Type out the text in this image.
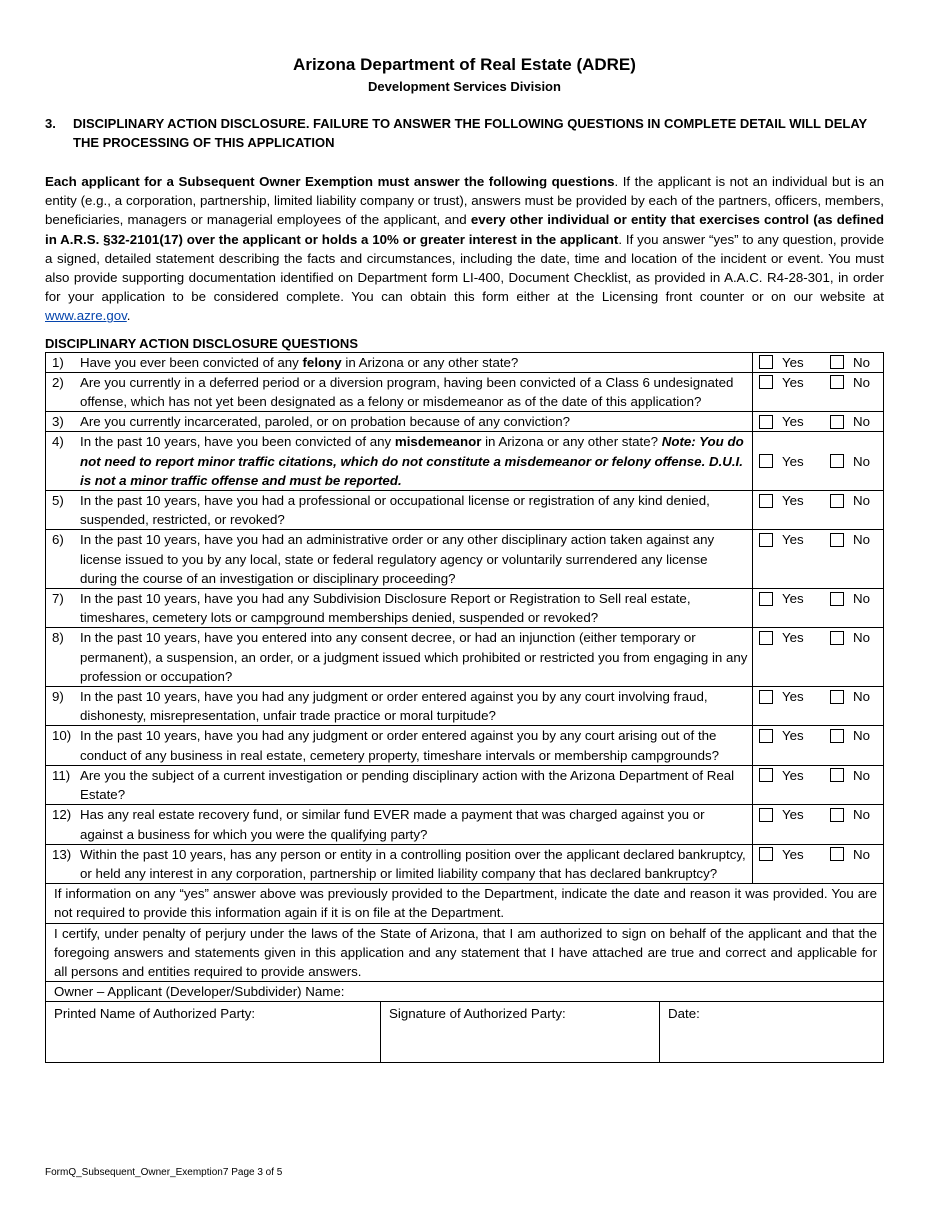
Arizona Department of Real Estate (ADRE)
Development Services Division
3.	DISCIPLINARY ACTION DISCLOSURE. FAILURE TO ANSWER THE FOLLOWING QUESTIONS IN COMPLETE DETAIL WILL DELAY THE PROCESSING OF THIS APPLICATION
Each applicant for a Subsequent Owner Exemption must answer the following questions. If the applicant is not an individual but is an entity (e.g., a corporation, partnership, limited liability company or trust), answers must be provided by each of the partners, officers, members, beneficiaries, managers or managerial employees of the applicant, and every other individual or entity that exercises control (as defined in A.R.S. §32-2101(17) over the applicant or holds a 10% or greater interest in the applicant. If you answer “yes” to any question, provide a signed, detailed statement describing the facts and circumstances, including the date, time and location of the incident or event. You must also provide supporting documentation identified on Department form LI-400, Document Checklist, as provided in A.A.C. R4-28-301, in order for your application to be considered complete. You can obtain this form either at the Licensing front counter or on our website at www.azre.gov.
DISCIPLINARY ACTION DISCLOSURE QUESTIONS
1) Have you ever been convicted of any felony in Arizona or any other state?	Yes No

2) Are you currently in a deferred period or a diversion program, having been convicted of a Class 6 undesignated offense, which has not yet been designated as a felony or misdemeanor as of the date of this application?	Yes No

3) Are you currently incarcerated, paroled, or on probation because of any conviction?	Yes No

4) In the past 10 years, have you been convicted of any misdemeanor in Arizona or any other state? Note: You do not need to report minor traffic citations, which do not constitute a misdemeanor or felony offense. D.U.I. is not a minor traffic offense and must be reported.	Yes No

5) In the past 10 years, have you had a professional or occupational license or registration of any kind denied, suspended, restricted, or revoked?	Yes No

6) In the past 10 years, have you had an administrative order or any other disciplinary action taken against any license issued to you by any local, state or federal regulatory agency or voluntarily surrendered any license during the course of an investigation or disciplinary proceeding?	Yes No

7) In the past 10 years, have you had any Subdivision Disclosure Report or Registration to Sell real estate, timeshares, cemetery lots or campground memberships denied, suspended or revoked?	Yes No

8) In the past 10 years, have you entered into any consent decree, or had an injunction (either temporary or permanent), a suspension, an order, or a judgment issued which prohibited or restricted you from engaging in any profession or occupation?	Yes No

9) In the past 10 years, have you had any judgment or order entered against you by any court involving fraud, dishonesty, misrepresentation, unfair trade practice or moral turpitude?	Yes No

10) In the past 10 years, have you had any judgment or order entered against you by any court arising out of the conduct of any business in real estate, cemetery property, timeshare intervals or membership campgrounds?	Yes No

11) Are you the subject of a current investigation or pending disciplinary action with the Arizona Department of Real Estate?	Yes No

12) Has any real estate recovery fund, or similar fund EVER made a payment that was charged against you or against a business for which you were the qualifying party?	Yes No

13) Within the past 10 years, has any person or entity in a controlling position over the applicant declared bankruptcy, or held any interest in any corporation, partnership or limited liability company that has declared bankruptcy?	Yes No

If information on any “yes” answer above was previously provided to the Department, indicate the date and reason it was provided. You are not required to provide this information again if it is on file at the Department.	
I certify, under penalty of perjury under the laws of the State of Arizona, that I am authorized to sign on behalf of the applicant and that the foregoing answers and statements given in this application and any statement that I have attached are true and correct and applicable for all persons and entities required to provide answers.	
Owner – Applicant (Developer/Subdivider) Name:	
Printed Name of Authorized Party:	Signature of Authorized Party:	Date:
FormQ_Subsequent_Owner_Exemption7 Page 3 of 5
